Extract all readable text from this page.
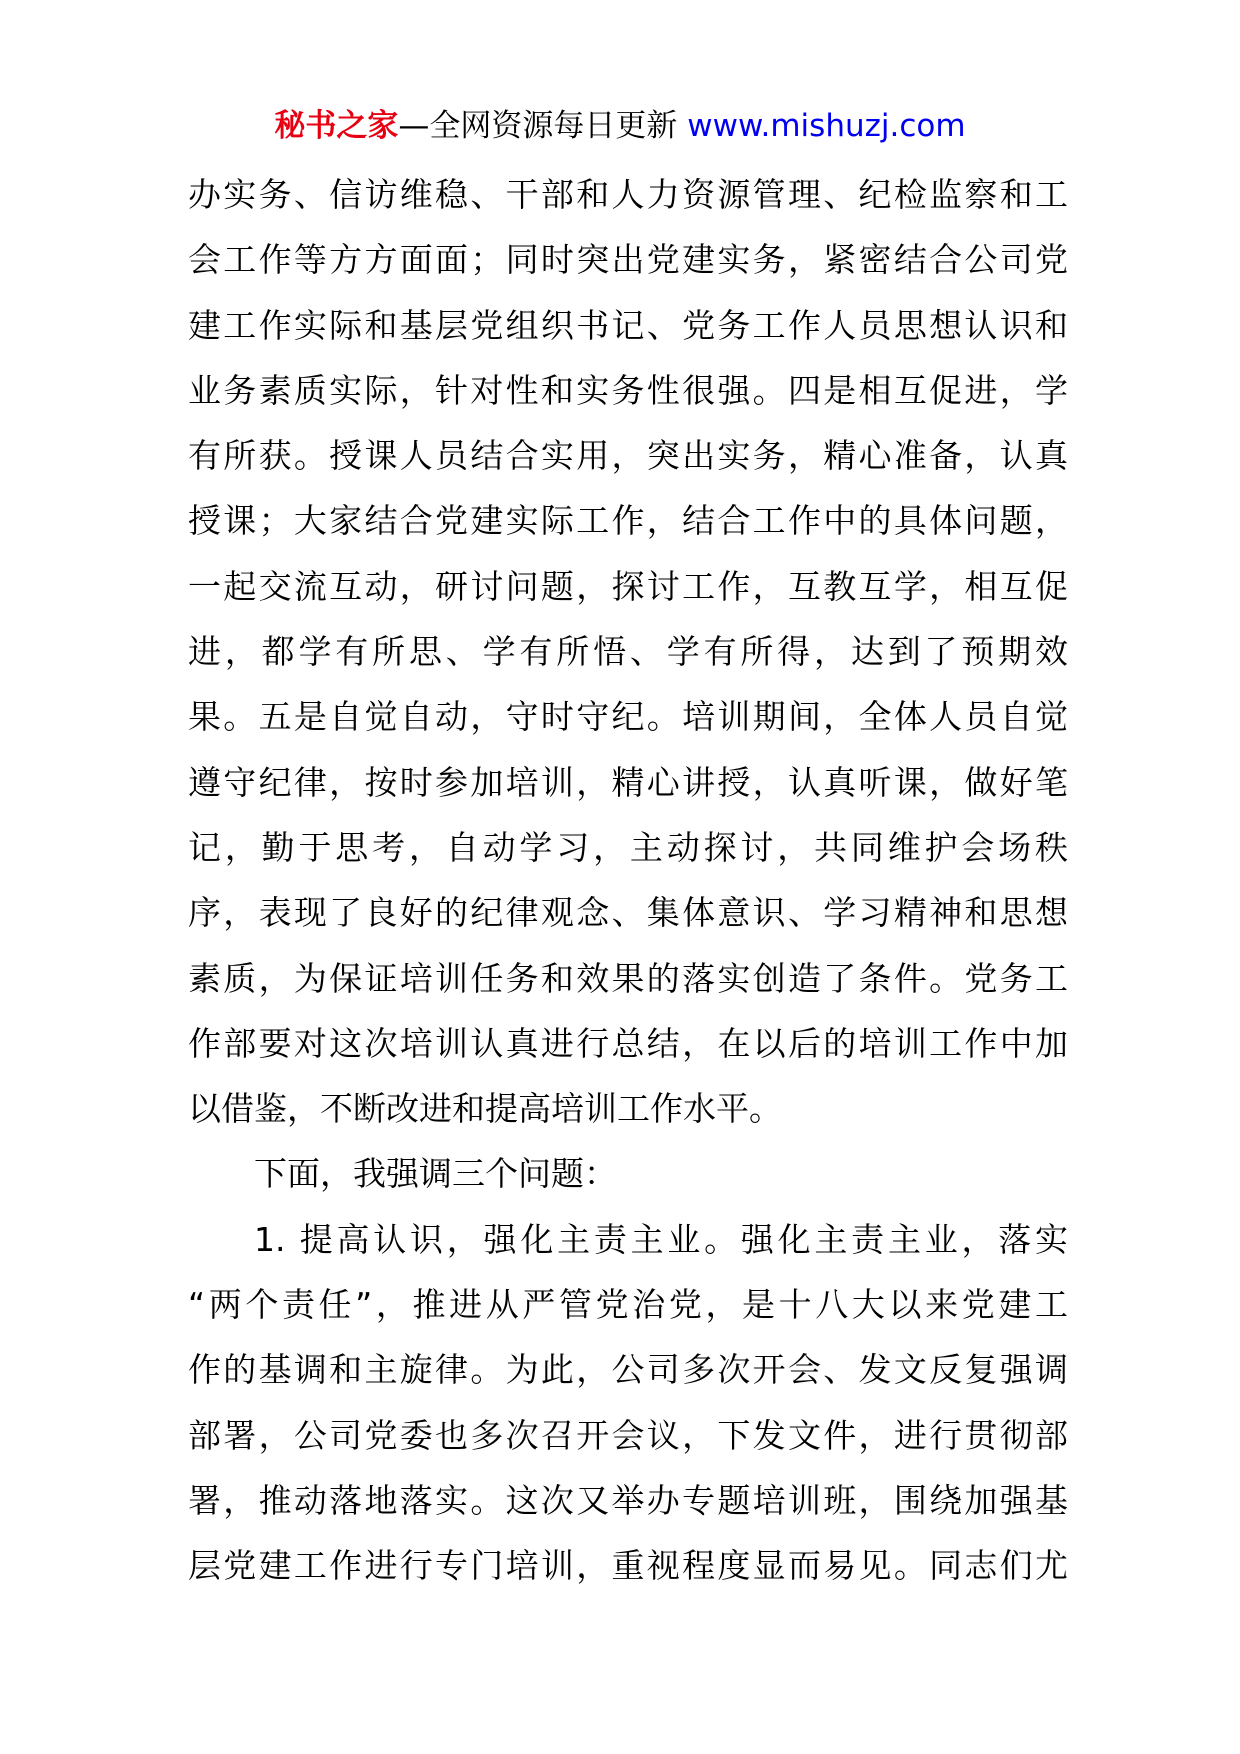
秘书之家—全网资源每日更新 www.mishuzj.com
办实务、信访维稳、干部和人力资源管理、纪检监察和工
会工作等方方面面；同时突出党建实务，紧密结合公司党
建工作实际和基层党组织书记、党务工作人员思想认识和
业务素质实际，针对性和实务性很强。四是相互促进，学
有所获。授课人员结合实用，突出实务，精心准备，认真
授课；大家结合党建实际工作，结合工作中的具体问题，
一起交流互动，研讨问题，探讨工作，互教互学，相互促
进，都学有所思、学有所悟、学有所得，达到了预期效
果。五是自觉自动，守时守纪。培训期间，全体人员自觉
遵守纪律，按时参加培训，精心讲授，认真听课，做好笔
记，勤于思考，自动学习，主动探讨，共同维护会场秩
序，表现了良好的纪律观念、集体意识、学习精神和思想
素质，为保证培训任务和效果的落实创造了条件。党务工
作部要对这次培训认真进行总结，在以后的培训工作中加
以借鉴，不断改进和提高培训工作水平。
下面，我强调三个问题：
1. 提高认识，强化主责主业。强化主责主业，落实
“两个责任”，推进从严管党治党，是十八大以来党建工
作的基调和主旋律。为此，公司多次开会、发文反复强调
部署，公司党委也多次召开会议，下发文件，进行贯彻部
署，推动落地落实。这次又举办专题培训班，围绕加强基
层党建工作进行专门培训，重视程度显而易见。同志们尤
